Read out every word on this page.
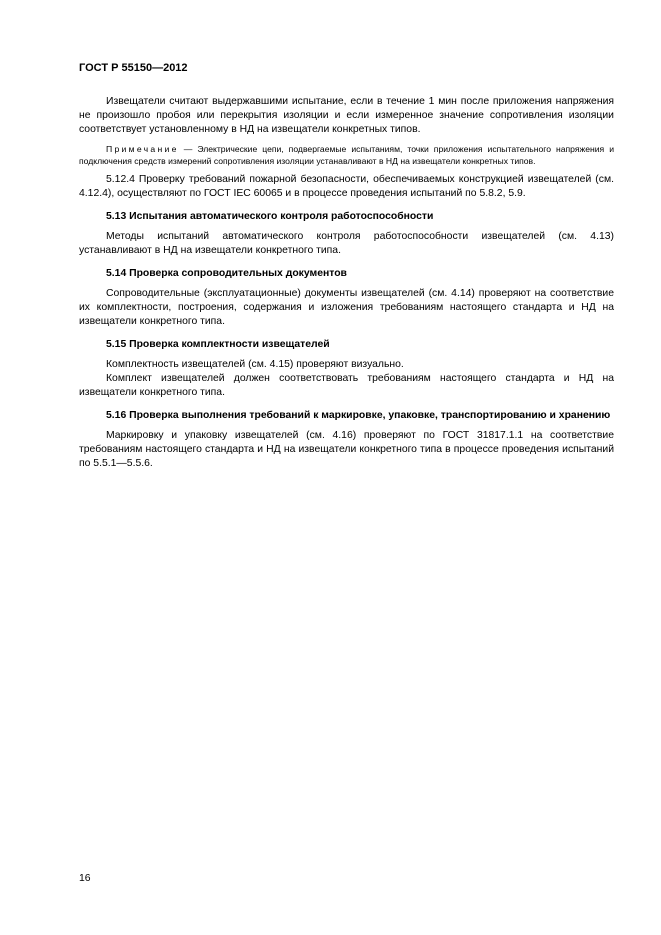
ГОСТ Р 55150—2012

Извещатели считают выдержавшими испытание, если в течение 1 мин после приложения напряжения не произошло пробоя или перекрытия изоляции и если измеренное значение сопротивления изоляции соответствует установленному в НД на извещатели конкретных типов.

Примечание — Электрические цепи, подвергаемые испытаниям, точки приложения испытательного напряжения и подключения средств измерений сопротивления изоляции устанавливают в НД на извещатели конкретных типов.

5.12.4 Проверку требований пожарной безопасности, обеспечиваемых конструкцией извещателей (см. 4.12.4), осуществляют по ГОСТ IEC 60065 и в процессе проведения испытаний по 5.8.2, 5.9.

5.13 Испытания автоматического контроля работоспособности

Методы испытаний автоматического контроля работоспособности извещателей (см. 4.13) устанавливают в НД на извещатели конкретного типа.

5.14 Проверка сопроводительных документов

Сопроводительные (эксплуатационные) документы извещателей (см. 4.14) проверяют на соответствие их комплектности, построения, содержания и изложения требованиям настоящего стандарта и НД на извещатели конкретного типа.

5.15 Проверка комплектности извещателей

Комплектность извещателей (см. 4.15) проверяют визуально.

Комплект извещателей должен соответствовать требованиям настоящего стандарта и НД на извещатели конкретного типа.

5.16 Проверка выполнения требований к маркировке, упаковке, транспортированию и хранению

Маркировку и упаковку извещателей (см. 4.16) проверяют по ГОСТ 31817.1.1 на соответствие требованиям настоящего стандарта и НД на извещатели конкретного типа в процессе проведения испытаний по 5.5.1—5.5.6.

16
